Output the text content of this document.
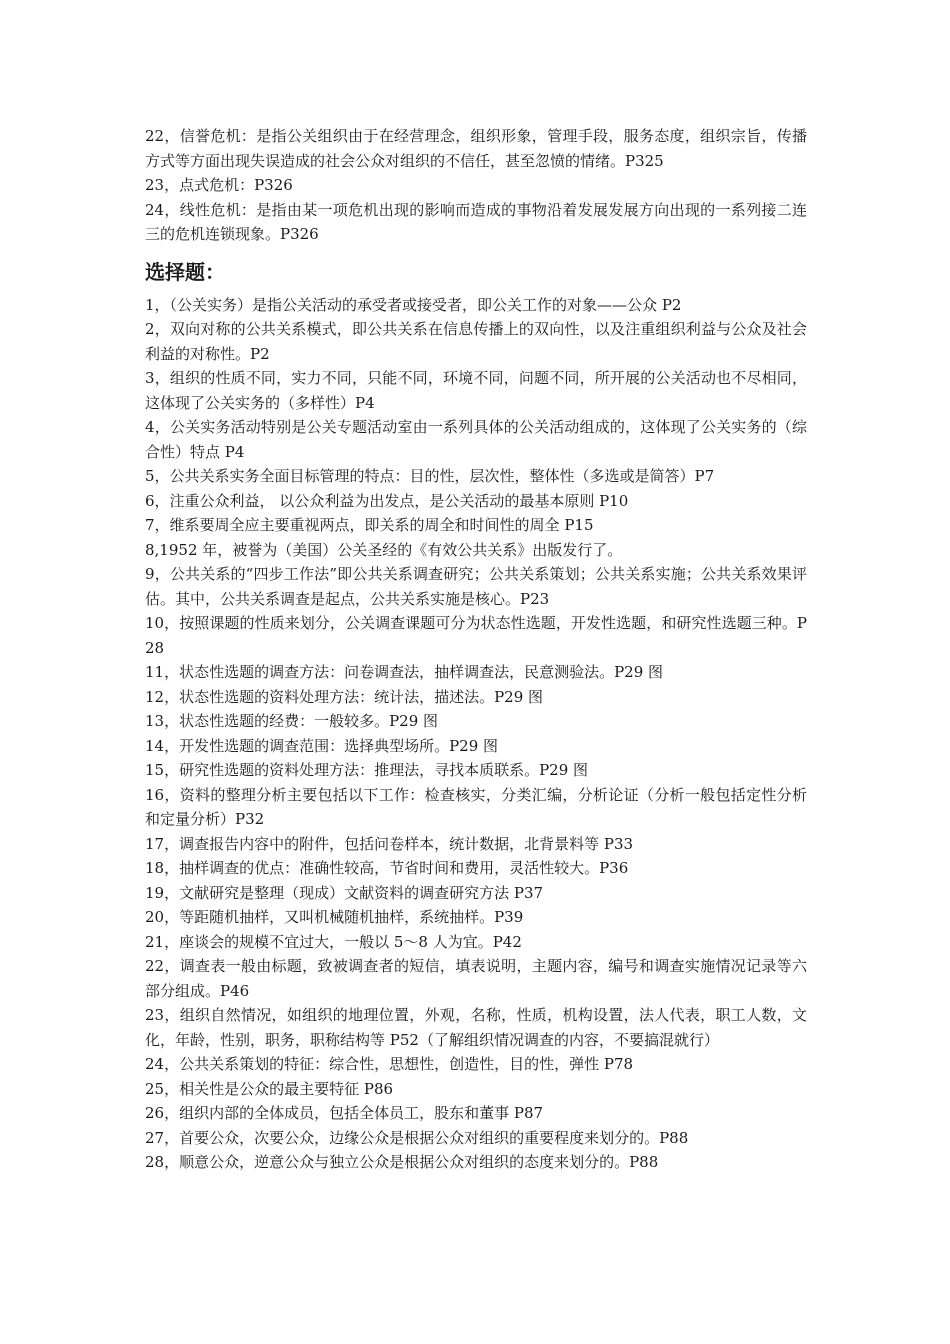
22，信誉危机：是指公关组织由于在经营理念，组织形象，管理手段，服务态度，组织宗旨，传播方式等方面出现失误造成的社会公众对组织的不信任，甚至忽愤的情绪。P325

23，点式危机：P326

24，线性危机：是指由某一项危机出现的影响而造成的事物沿着发展发展方向出现的一系列接二连三的危机连锁现象。P326

选择题：

1，（公关实务）是指公关活动的承受者或接受者，即公关工作的对象——公众 P2

2，双向对称的公共关系模式，即公共关系在信息传播上的双向性，以及注重组织利益与公众及社会利益的对称性。P2

3，组织的性质不同，实力不同，只能不同，环境不同，问题不同，所开展的公关活动也不尽相同，这体现了公关实务的（多样性）P4

4，公关实务活动特别是公关专题活动室由一系列具体的公关活动组成的，这体现了公关实务的（综合性）特点 P4

5，公共关系实务全面目标管理的特点：目的性，层次性，整体性（多选或是简答）P7

6，注重公众利益， 以公众利益为出发点，是公关活动的最基本原则 P10

7，维系要周全应主要重视两点，即关系的周全和时间性的周全 P15

8,1952 年，被誉为（美国）公关圣经的《有效公共关系》出版发行了。

9，公共关系的“四步工作法”即公共关系调查研究；公共关系策划；公共关系实施；公共关系效果评估。其中，公共关系调查是起点，公共关系实施是核心。P23

10，按照课题的性质来划分，公关调查课题可分为状态性选题，开发性选题，和研究性选题三种。P28

11，状态性选题的调查方法：问卷调查法，抽样调查法，民意测验法。P29 图

12，状态性选题的资料处理方法：统计法，描述法。P29 图

13，状态性选题的经费：一般较多。P29 图

14，开发性选题的调查范围：选择典型场所。P29 图

15，研究性选题的资料处理方法：推理法，寻找本质联系。P29 图

16，资料的整理分析主要包括以下工作：检查核实，分类汇编，分析论证（分析一般包括定性分析和定量分析）P32

17，调查报告内容中的附件，包括问卷样本，统计数据，北背景料等 P33

18，抽样调查的优点：准确性较高，节省时间和费用，灵活性较大。P36

19，文献研究是整理（现成）文献资料的调查研究方法 P37

20，等距随机抽样，又叫机械随机抽样，系统抽样。P39

21，座谈会的规模不宜过大，一般以 5～8 人为宜。P42

22，调查表一般由标题，致被调查者的短信，填表说明，主题内容，编号和调查实施情况记录等六部分组成。P46

23，组织自然情况，如组织的地理位置，外观，名称，性质，机构设置，法人代表，职工人数，文化，年龄，性别，职务，职称结构等 P52（了解组织情况调查的内容，不要搞混就行）

24，公共关系策划的特征：综合性，思想性，创造性，目的性，弹性 P78

25，相关性是公众的最主要特征 P86

26，组织内部的全体成员，包括全体员工，股东和董事 P87

27，首要公众，次要公众，边缘公众是根据公众对组织的重要程度来划分的。P88

28，顺意公众，逆意公众与独立公众是根据公众对组织的态度来划分的。P88
